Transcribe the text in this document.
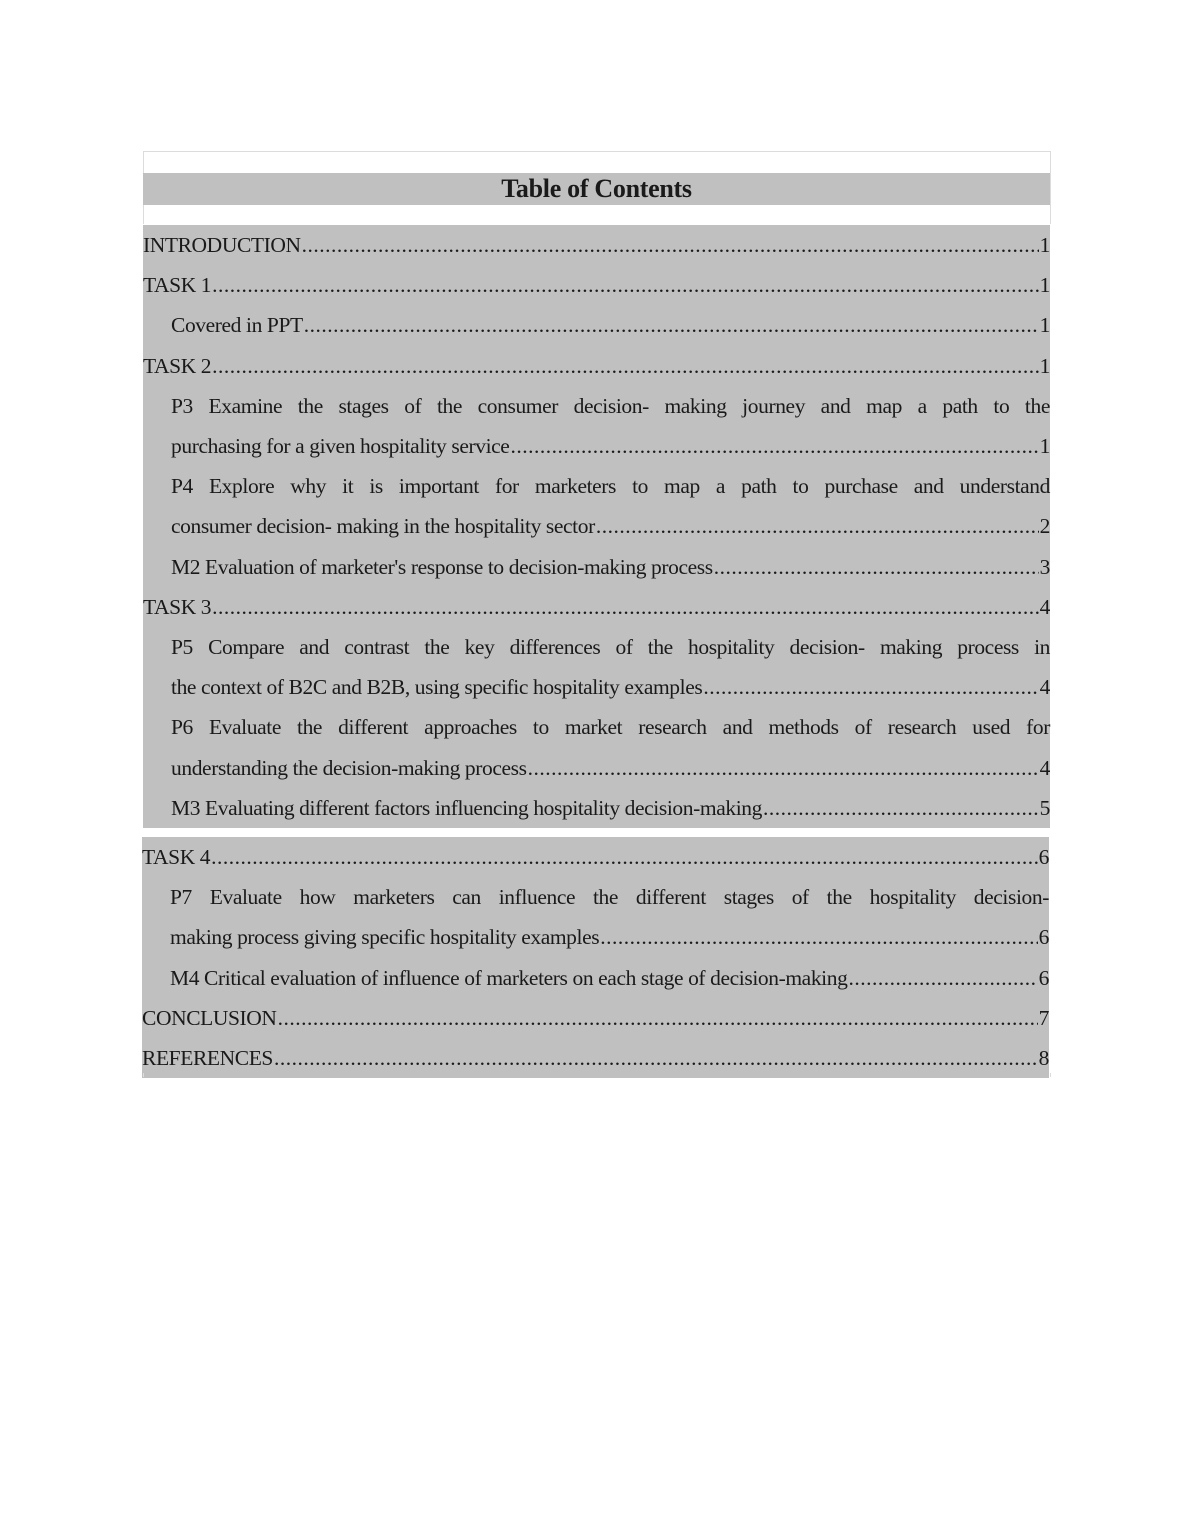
Table of Contents
INTRODUCTION .....	1
TASK 1 .....	1
Covered in PPT .....	1
TASK 2 .....	1
P3 Examine the stages of the consumer decision- making journey and map a path to the
purchasing for a given hospitality service .....	1
P4 Explore why it is important for marketers to map a path to purchase and understand
consumer decision- making in the hospitality sector .....	2
M2 Evaluation of marketer's response to decision-making process .....	3
TASK 3 .....	4
P5 Compare and contrast the key differences of the hospitality decision- making process in
the context of B2C and B2B, using specific hospitality examples .....	4
P6 Evaluate the different approaches to market research and methods of research used for
understanding the decision-making process .....	4
M3 Evaluating different factors influencing hospitality decision-making .....	5
TASK 4 .....	6
P7 Evaluate how marketers can influence the different stages of the hospitality decision-
making process giving specific hospitality examples .....	6
M4 Critical evaluation of influence of marketers on each stage of decision-making .....	6
CONCLUSION .....	7
REFERENCES .....	8
